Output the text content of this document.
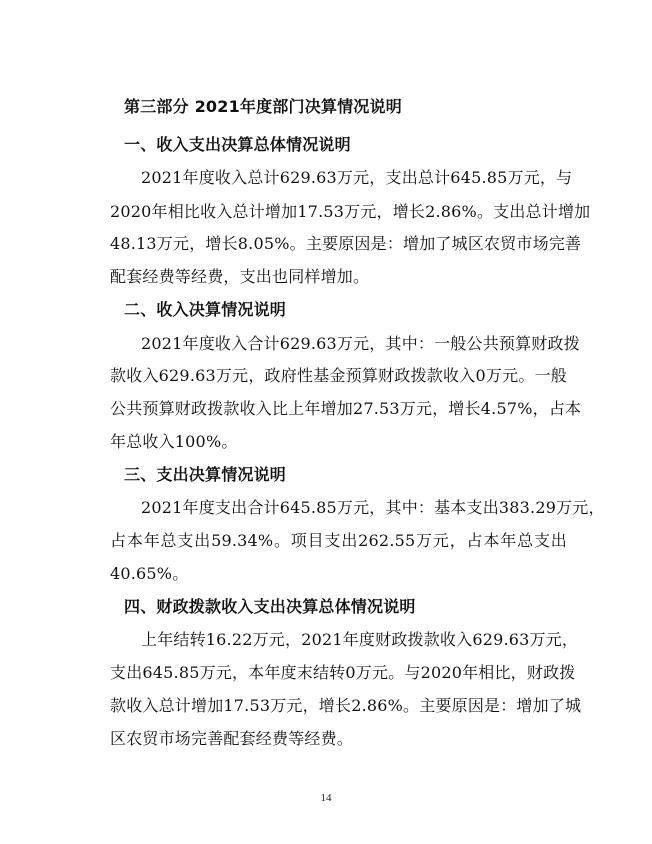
第三部分 2021年度部门决算情况说明
一、收入支出决算总体情况说明
2021年度收入总计629.63万元，支出总计645.85万元，与
2020年相比收入总计增加17.53万元，增长2.86%。支出总计增加
48.13万元，增长8.05%。主要原因是：增加了城区农贸市场完善
配套经费等经费，支出也同样增加。
二、收入决算情况说明
2021年度收入合计629.63万元，其中：一般公共预算财政拨
款收入629.63万元，政府性基金预算财政拨款收入0万元。一般
公共预算财政拨款收入比上年增加27.53万元，增长4.57%，占本
年总收入100%。
三、支出决算情况说明
2021年度支出合计645.85万元，其中：基本支出383.29万元，
占本年总支出59.34%。项目支出262.55万元，占本年总支出
40.65%。
四、财政拨款收入支出决算总体情况说明
上年结转16.22万元，2021年度财政拨款收入629.63万元，
支出645.85万元，本年度末结转0万元。与2020年相比，财政拨
款收入总计增加17.53万元，增长2.86%。主要原因是：增加了城
区农贸市场完善配套经费等经费。
14
